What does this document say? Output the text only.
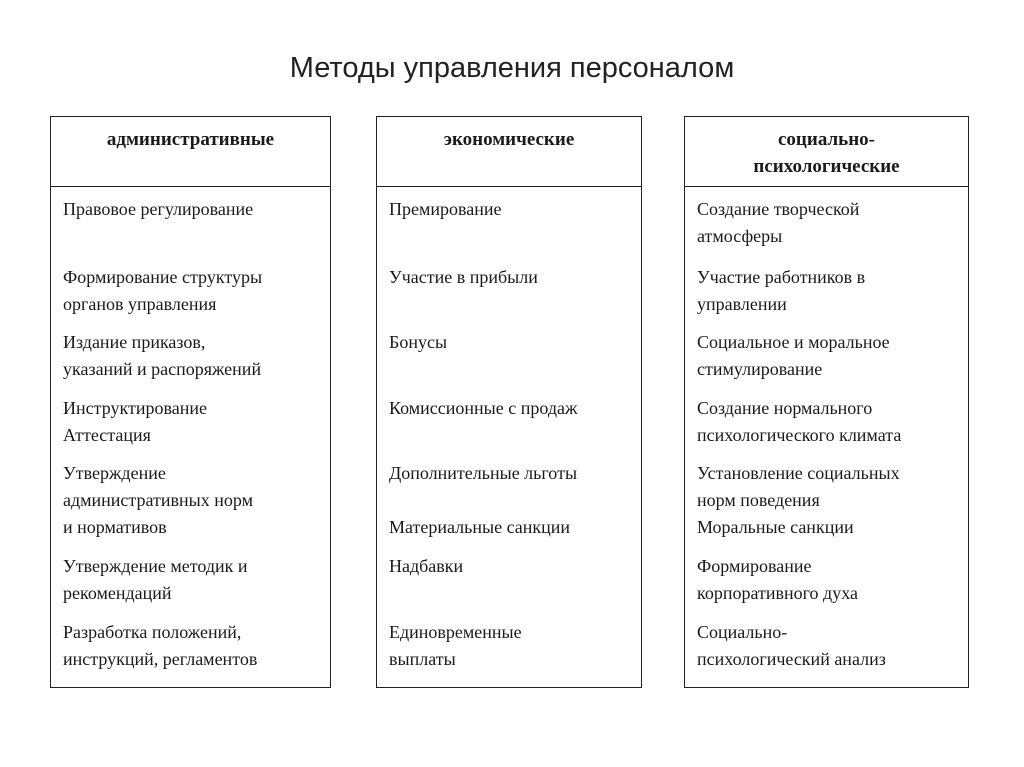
Методы управления персоналом
административные
Правовое регулирование
Формирование структуры
органов управления
Издание приказов,
указаний и распоряжений
Инструктирование
Аттестация
Утверждение
административных норм
и нормативов
Утверждение методик и
рекомендаций
Разработка положений,
инструкций, регламентов
экономические
Премирование
Участие в прибыли
Бонусы
Комиссионные с продаж
Дополнительные льготы
Материальные санкции
Надбавки
Единовременные
выплаты
социально-
психологические
Создание творческой
атмосферы
Участие работников в
управлении
Социальное и моральное
стимулирование
Создание нормального
психологического климата
Установление социальных
норм поведения
Моральные санкции
Формирование
корпоративного духа
Социально-
психологический анализ
